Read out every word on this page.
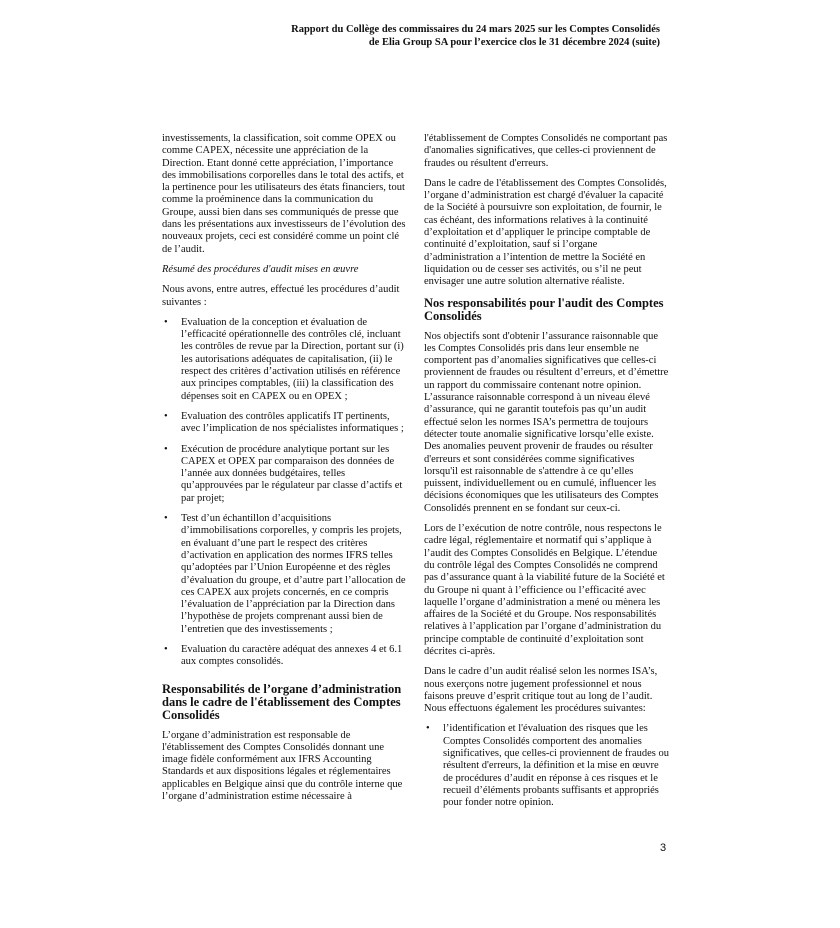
Rapport du Collège des commissaires du 24 mars 2025 sur les Comptes Consolidés
de Elia Group SA pour l’exercice clos le 31 décembre 2024 (suite)

investissements, la classification, soit comme OPEX ou comme CAPEX, nécessite une appréciation de la Direction. Etant donné cette appréciation, l’importance des immobilisations corporelles dans le total des actifs, et la pertinence pour les utilisateurs des états financiers, tout comme la proéminence dans la communication du Groupe, aussi bien dans ses communiqués de presse que dans les présentations aux investisseurs de l’évolution des nouveaux projets, ceci est considéré comme un point clé de l’audit.

Résumé des procédures d'audit mises en œuvre

Nous avons, entre autres, effectué les procédures d’audit suivantes :

• Evaluation de la conception et évaluation de l’efficacité opérationnelle des contrôles clé, incluant les contrôles de revue par la Direction, portant sur (i) les autorisations adéquates de capitalisation, (ii) le respect des critères d’activation utilisés en référence aux principes comptables, (iii) la classification des dépenses soit en CAPEX ou en OPEX ;
• Evaluation des contrôles applicatifs IT pertinents, avec l’implication de nos spécialistes informatiques ;
• Exécution de procédure analytique portant sur les CAPEX et OPEX par comparaison des données de l’année aux données budgétaires, telles qu’approuvées par le régulateur par classe d’actifs et par projet;
• Test d’un échantillon d’acquisitions d’immobilisations corporelles, y compris les projets, en évaluant d’une part le respect des critères d’activation en application des normes IFRS telles qu’adoptées par l’Union Européenne et des règles d’évaluation du groupe, et d’autre part l’allocation de ces CAPEX aux projets concernés, en ce compris l’évaluation de l’appréciation par la Direction dans l’hypothèse de projets comprenant aussi bien de l’entretien que des investissements ;
• Evaluation du caractère adéquat des annexes 4 et 6.1 aux comptes consolidés.
Responsabilités de l’organe d’administration dans le cadre de l'établissement des Comptes Consolidés

L’organe d’administration est responsable de l'établissement des Comptes Consolidés donnant une image fidèle conformément aux IFRS Accounting Standards et aux dispositions légales et réglementaires applicables en Belgique ainsi que du contrôle interne que l’organe d’administration estime nécessaire à

l'établissement de Comptes Consolidés ne comportant pas d'anomalies significatives, que celles-ci proviennent de fraudes ou résultent d'erreurs.

Dans le cadre de l'établissement des Comptes Consolidés, l’organe d’administration est chargé d'évaluer la capacité de la Société à poursuivre son exploitation, de fournir, le cas échéant, des informations relatives à la continuité d’exploitation et d’appliquer le principe comptable de continuité d’exploitation, sauf si l’organe d’administration a l’intention de mettre la Société en liquidation ou de cesser ses activités, ou s’il ne peut envisager une autre solution alternative réaliste.

Nos responsabilités pour l'audit des Comptes Consolidés

Nos objectifs sont d'obtenir l’assurance raisonnable que les Comptes Consolidés pris dans leur ensemble ne comportent pas d’anomalies significatives que celles-ci proviennent de fraudes ou résultent d’erreurs, et d’émettre un rapport du commissaire contenant notre opinion. L’assurance raisonnable correspond à un niveau élevé d’assurance, qui ne garantit toutefois pas qu’un audit effectué selon les normes ISA’s permettra de toujours détecter toute anomalie significative lorsqu’elle existe. Des anomalies peuvent provenir de fraudes ou résulter d'erreurs et sont considérées comme significatives lorsqu'il est raisonnable de s'attendre à ce qu’elles puissent, individuellement ou en cumulé, influencer les décisions économiques que les utilisateurs des Comptes Consolidés prennent en se fondant sur ceux-ci.

Lors de l’exécution de notre contrôle, nous respectons le cadre légal, réglementaire et normatif qui s’applique à l’audit des Comptes Consolidés en Belgique. L’étendue du contrôle légal des Comptes Consolidés ne comprend pas d’assurance quant à la viabilité future de la Société et du Groupe ni quant à l’efficience ou l’efficacité avec laquelle l’organe d’administration a mené ou mènera les affaires de la Société et du Groupe. Nos responsabilités relatives à l’application par l’organe d’administration du principe comptable de continuité d’exploitation sont décrites ci-après.

Dans le cadre d’un audit réalisé selon les normes ISA’s, nous exerçons notre jugement professionnel et nous faisons preuve d’esprit critique tout au long de l’audit. Nous effectuons également les procédures suivantes:

• l’identification et l'évaluation des risques que les Comptes Consolidés comportent des anomalies significatives, que celles-ci proviennent de fraudes ou résultent d'erreurs, la définition et la mise en œuvre de procédures d’audit en réponse à ces risques et le recueil d’éléments probants suffisants et appropriés pour fonder notre opinion.
3
